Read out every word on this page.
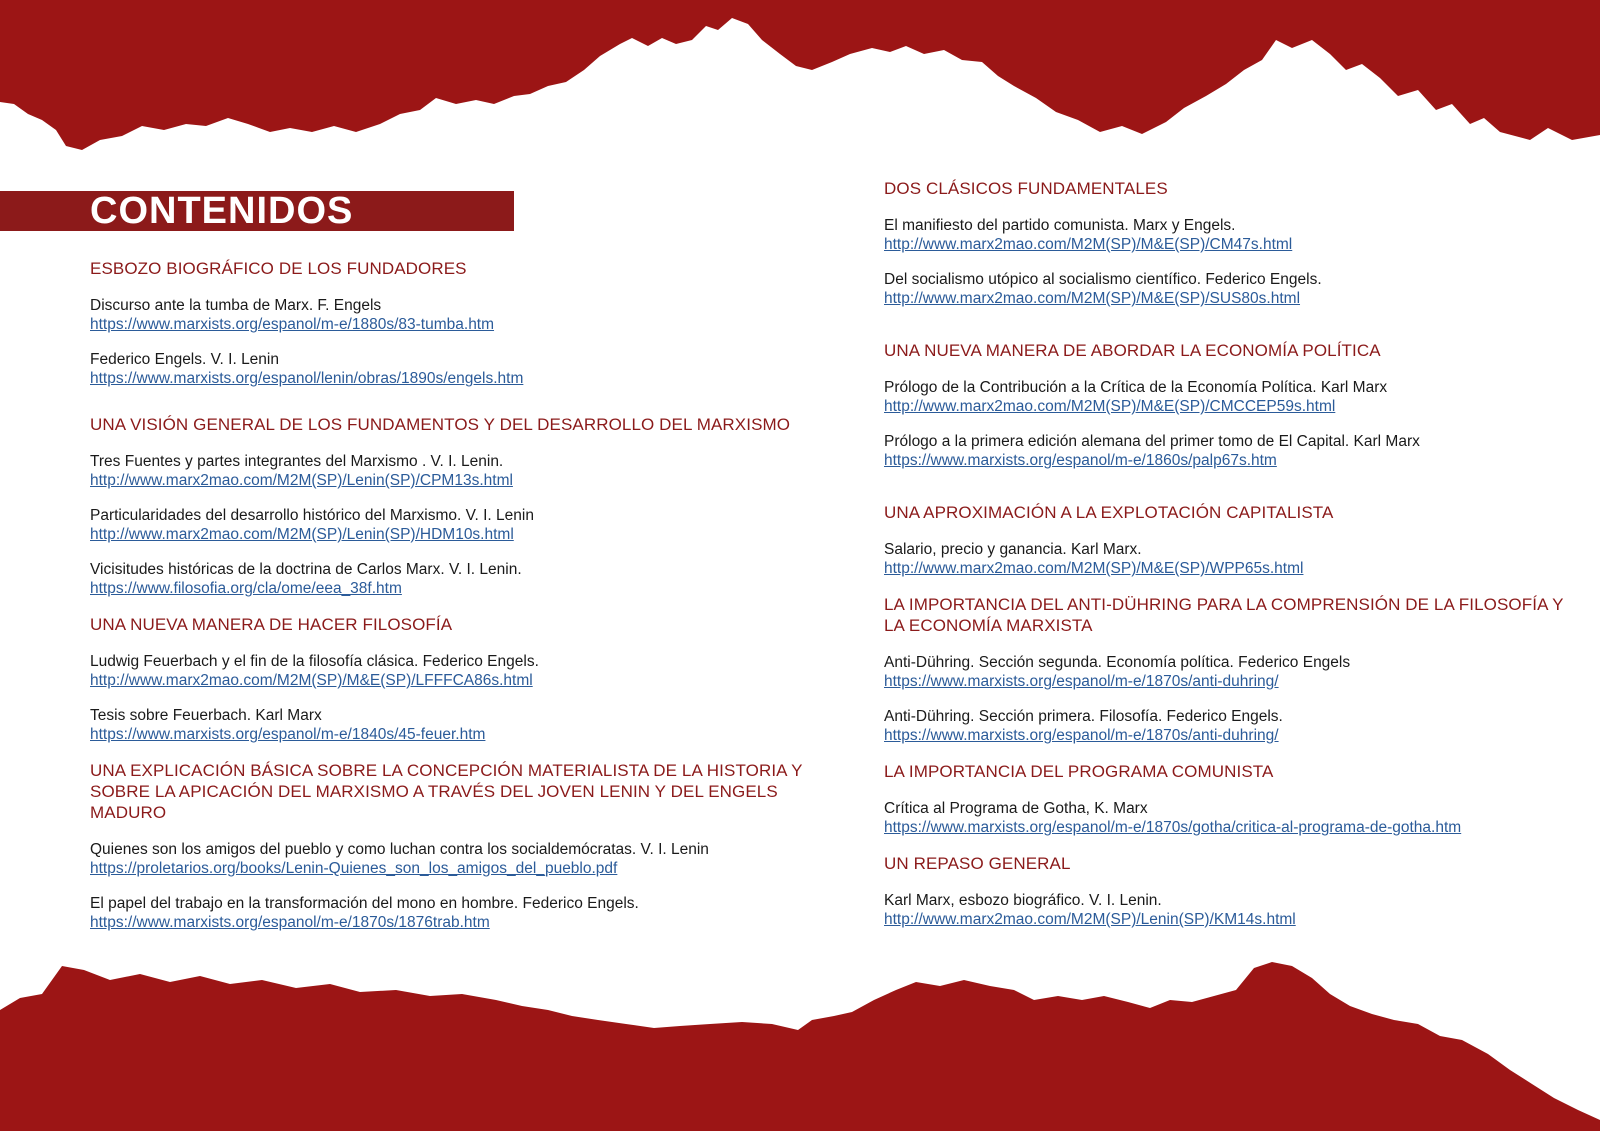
CONTENIDOS
ESBOZO BIOGRÁFICO DE LOS FUNDADORES
Discurso ante la tumba de Marx. F. Engels
https://www.marxists.org/espanol/m-e/1880s/83-tumba.htm
Federico Engels. V. I. Lenin
https://www.marxists.org/espanol/lenin/obras/1890s/engels.htm
UNA VISIÓN GENERAL DE LOS FUNDAMENTOS Y DEL DESARROLLO DEL MARXISMO
Tres Fuentes y partes integrantes del Marxismo . V. I. Lenin.
http://www.marx2mao.com/M2M(SP)/Lenin(SP)/CPM13s.html
Particularidades del desarrollo histórico del Marxismo. V. I. Lenin
http://www.marx2mao.com/M2M(SP)/Lenin(SP)/HDM10s.html
Vicisitudes históricas de la doctrina de Carlos Marx. V. I. Lenin.
https://www.filosofia.org/cla/ome/eea_38f.htm
UNA NUEVA MANERA DE HACER FILOSOFÍA
Ludwig Feuerbach y el fin de la filosofía clásica. Federico Engels.
http://www.marx2mao.com/M2M(SP)/M&E(SP)/LFFFCA86s.html
Tesis sobre Feuerbach. Karl Marx
https://www.marxists.org/espanol/m-e/1840s/45-feuer.htm
UNA EXPLICACIÓN BÁSICA SOBRE LA CONCEPCIÓN MATERIALISTA DE LA HISTORIA Y SOBRE LA APICACIÓN DEL MARXISMO A TRAVÉS DEL JOVEN LENIN Y DEL ENGELS MADURO
Quienes son los amigos del pueblo y como luchan contra los socialdemócratas. V. I. Lenin
https://proletarios.org/books/Lenin-Quienes_son_los_amigos_del_pueblo.pdf
El papel del trabajo en la transformación del mono en hombre. Federico Engels.
https://www.marxists.org/espanol/m-e/1870s/1876trab.htm
DOS CLÁSICOS FUNDAMENTALES
El manifiesto del partido comunista. Marx y Engels.
http://www.marx2mao.com/M2M(SP)/M&E(SP)/CM47s.html
Del socialismo utópico al socialismo científico. Federico Engels.
http://www.marx2mao.com/M2M(SP)/M&E(SP)/SUS80s.html
UNA NUEVA MANERA DE ABORDAR LA ECONOMÍA POLÍTICA
Prólogo de la Contribución a la Crítica de la Economía Política. Karl Marx
http://www.marx2mao.com/M2M(SP)/M&E(SP)/CMCCEP59s.html
Prólogo a la primera edición alemana del primer tomo de El Capital. Karl Marx
https://www.marxists.org/espanol/m-e/1860s/palp67s.htm
UNA APROXIMACIÓN A LA EXPLOTACIÓN CAPITALISTA
Salario, precio y ganancia. Karl Marx.
http://www.marx2mao.com/M2M(SP)/M&E(SP)/WPP65s.html
LA IMPORTANCIA DEL ANTI-DÜHRING PARA LA COMPRENSIÓN DE LA FILOSOFÍA Y LA ECONOMÍA MARXISTA
Anti-Dühring. Sección segunda. Economía política. Federico Engels
https://www.marxists.org/espanol/m-e/1870s/anti-duhring/
Anti-Dühring. Sección primera. Filosofía. Federico Engels.
https://www.marxists.org/espanol/m-e/1870s/anti-duhring/
LA IMPORTANCIA DEL PROGRAMA COMUNISTA
Crítica al Programa de Gotha, K. Marx
https://www.marxists.org/espanol/m-e/1870s/gotha/critica-al-programa-de-gotha.htm
UN REPASO GENERAL
Karl Marx, esbozo biográfico. V. I. Lenin.
http://www.marx2mao.com/M2M(SP)/Lenin(SP)/KM14s.html
